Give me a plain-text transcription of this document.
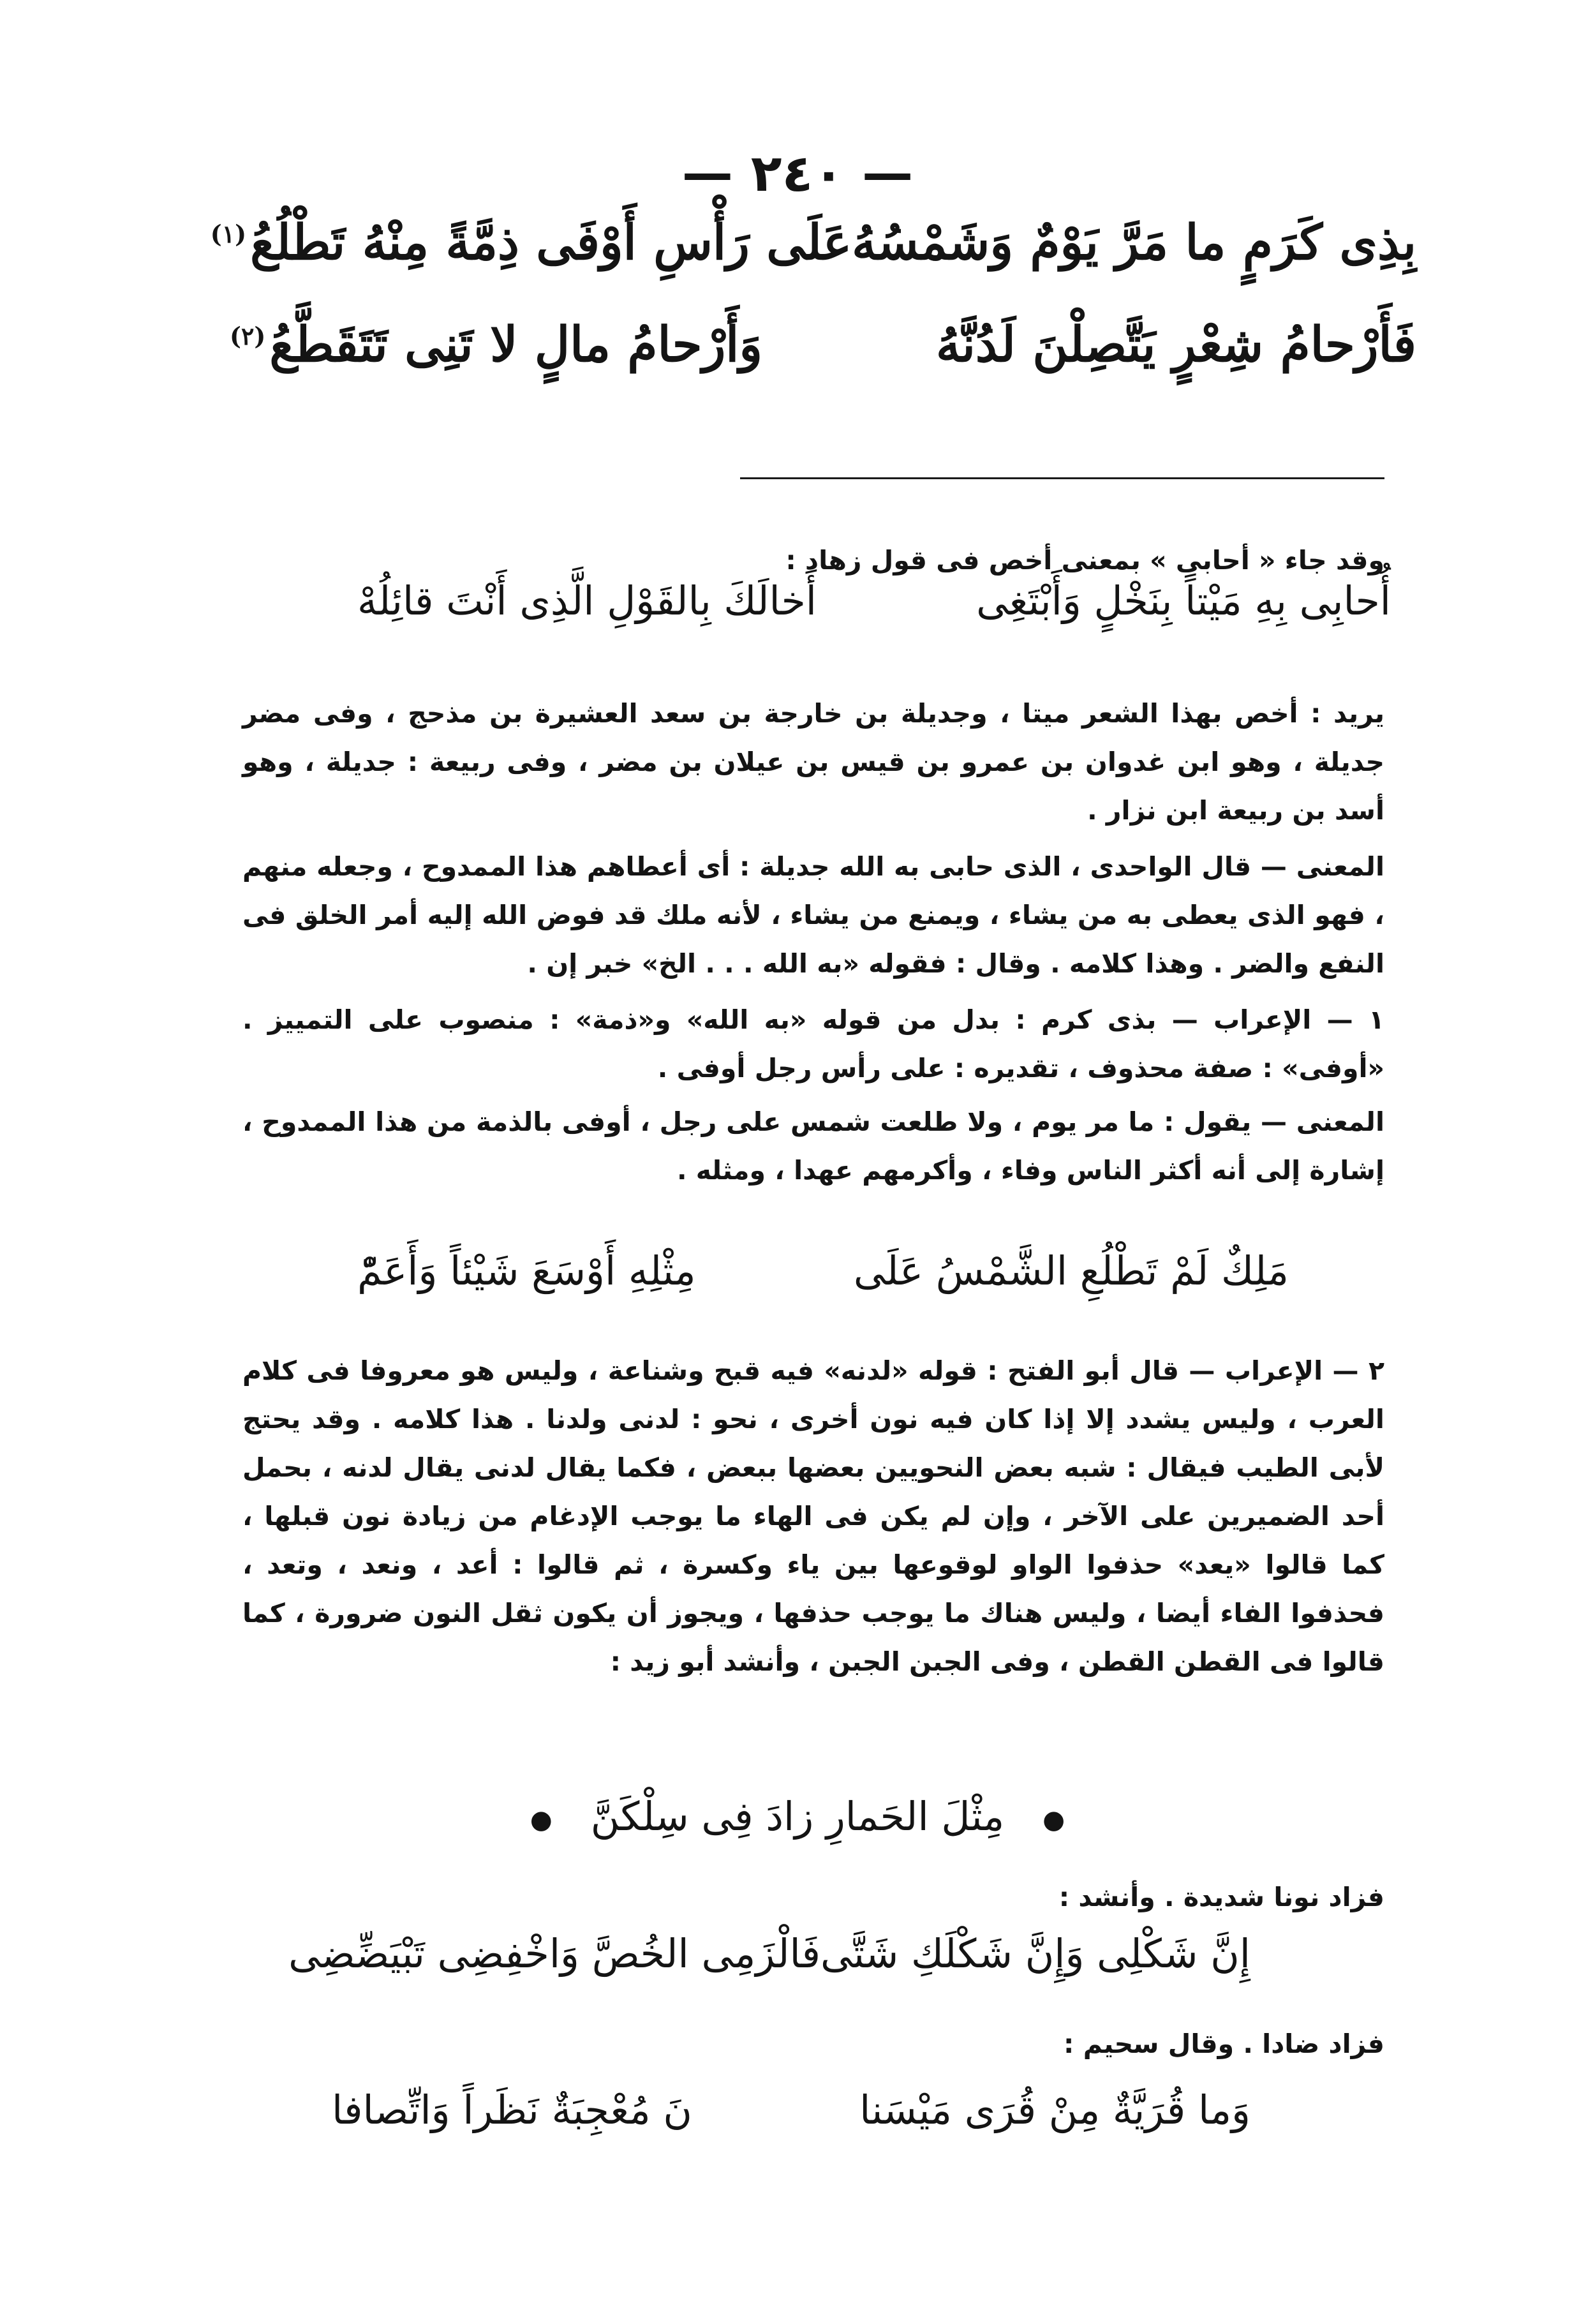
— ٢٤٠ —
بِذِى كَرَمٍ ما مَرَّ يَوْمٌ وَشَمْسُهُ
عَلَى رَأْسِ أَوْفَى ذِمَّةً مِنْهُ تَطْلُعُ$^{(١)}$
فَأَرْحامُ شِعْرٍ يَتَّصِلْنَ لَدُنَّهُ
وَأَرْحامُ مالٍ لا تَنِى تَتَقَطَّعُ$^{(٢)}$

وقد جاء « أحابى » بمعنى أخص فى قول زهاد :

أُحابِى بِهِ مَيْتاً بِنَخْلٍ وَأَبْتَغِى
أَخالَكَ بِالقَوْلِ الَّذِى أَنْتَ قائِلُهْ

يريد : أخص بهذا الشعر ميتا ، وجديلة بن خارجة بن سعد العشيرة بن مذحج ، وفى مضر جديلة ، وهو ابن غدوان بن عمرو بن قيس بن عيلان بن مضر ، وفى ربيعة : جديلة ، وهو أسد بن ربيعة ابن نزار .

المعنى — قال الواحدى ، الذى حابى به الله جديلة : أى أعطاهم هذا الممدوح ، وجعله منهم ، فهو الذى يعطى به من يشاء ، ويمنع من يشاء ، لأنه ملك قد فوض الله إليه أمر الخلق فى النفع والضر . وهذا كلامه . وقال : فقوله «به الله . . . الخ» خبر إن .

١ — الإعراب — بذى كرم : بدل من قوله «به الله» و«ذمة» : منصوب على التمييز . «أوفى» : صفة محذوف ، تقديره : على رأس رجل أوفى .

المعنى — يقول : ما مر يوم ، ولا طلعت شمس على رجل ، أوفى بالذمة من هذا الممدوح ، إشارة إلى أنه أكثر الناس وفاء ، وأكرمهم عهدا ، ومثله .

مَلِكٌ لَمْ تَطْلُعِ الشَّمْسُ عَلَى
مِثْلِهِ أَوْسَعَ شَيْئاً وَأَعَمّْ

٢ — الإعراب — قال أبو الفتح : قوله «لدنه» فيه قبح وشناعة ، وليس هو معروفا فى كلام العرب ، وليس يشدد إلا إذا كان فيه نون أخرى ، نحو : لدنى ولدنا . هذا كلامه . وقد يحتج لأبى الطيب فيقال : شبه بعض النحويين بعضها ببعض ، فكما يقال لدنى يقال لدنه ، بحمل أحد الضميرين على الآخر ، وإن لم يكن فى الهاء ما يوجب الإدغام من زيادة نون قبلها ، كما قالوا «يعد» حذفوا الواو لوقوعها بين ياء وكسرة ، ثم قالوا : أعد ، ونعد ، وتعد ، فحذفوا الفاء أيضا ، وليس هناك ما يوجب حذفها ، ويجوز أن يكون ثقل النون ضرورة ، كما قالوا فى القطن القطن ، وفى الجبن الجبن ، وأنشد أبو زيد :

●مِثْلَ الحَمارِ زادَ فِى سِلْكَنَّ●

فزاد نونا شديدة . وأنشد :

إِنَّ شَكْلِى وَإِنَّ شَكْلَكِ شَتَّى
فَالْزَمِى الخُصَّ وَاخْفِضِى تَبْيَضِّضِى

فزاد ضادا . وقال سحيم :

وَما قُرَيَّةٌ مِنْ قُرَى مَيْسَنا
نَ مُعْجِبَةٌ نَظَراً وَاتِّصافا
